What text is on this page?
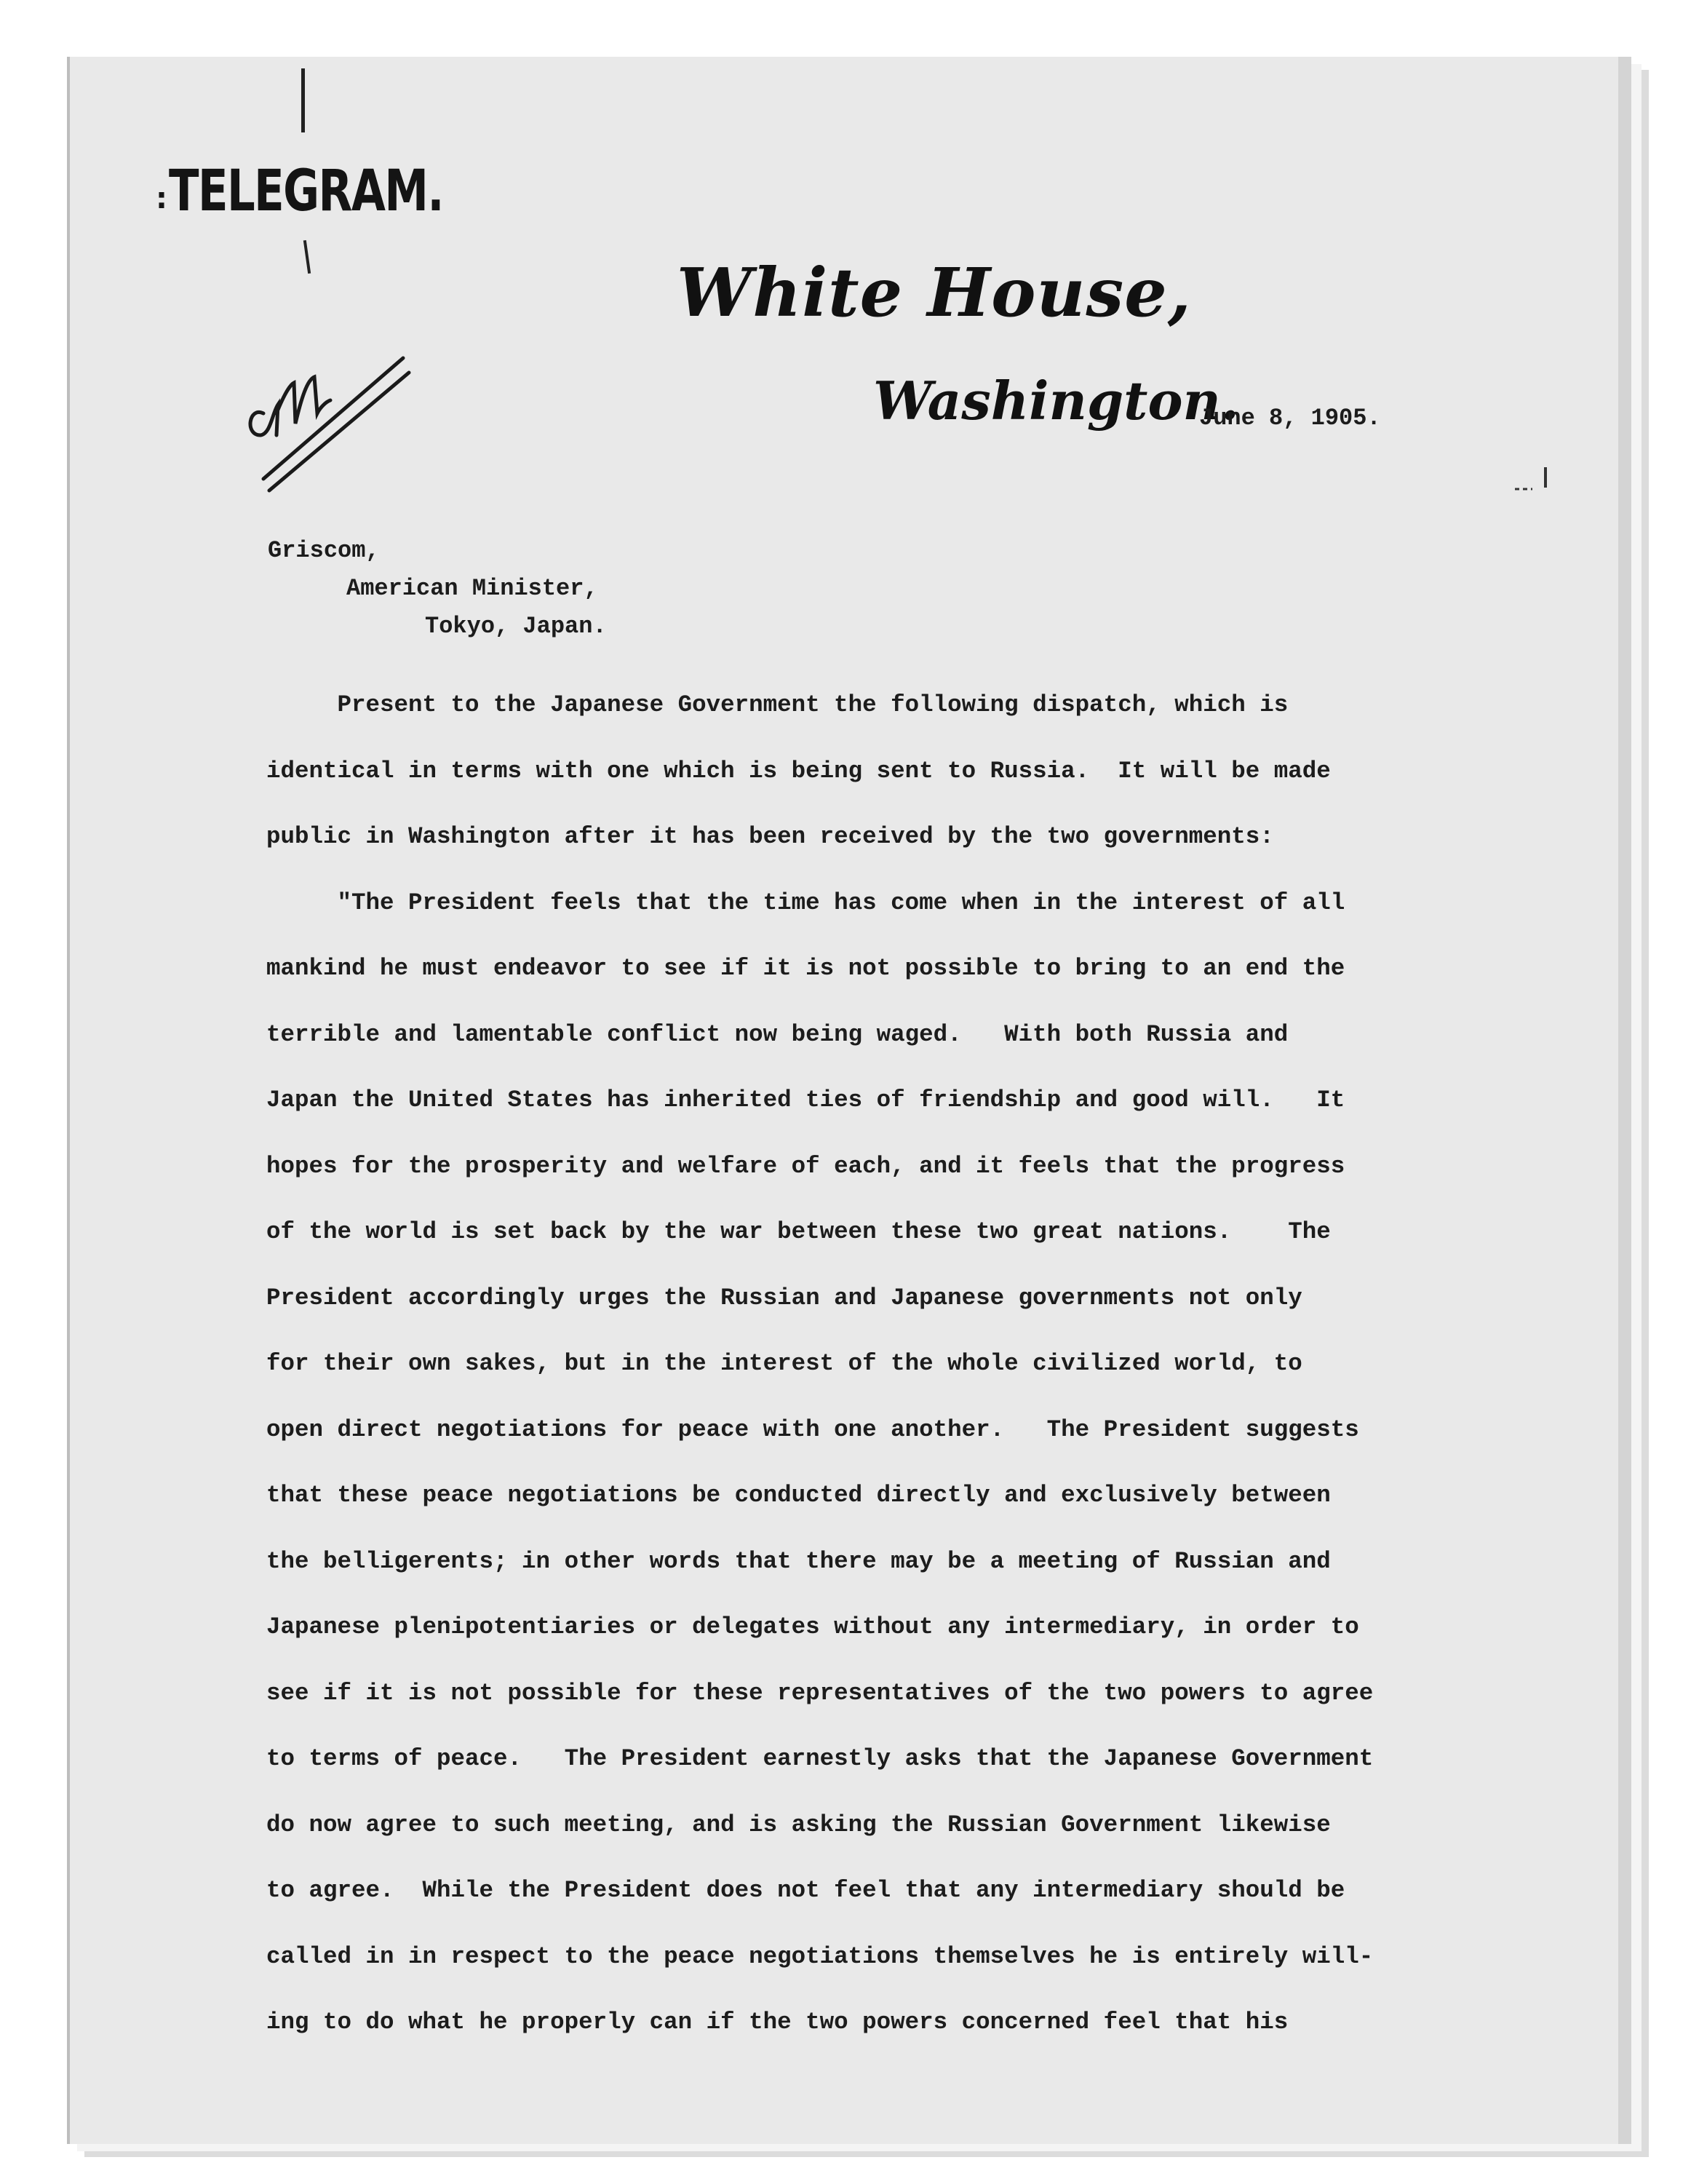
: TELEGRAM.
White House,
Washington.
June 8, 1905.
Griscom,
American Minister,
Tokyo, Japan.
Present to the Japanese Government the following dispatch, which is
identical in terms with one which is being sent to Russia.  It will be made
public in Washington after it has been received by the two governments:
"The President feels that the time has come when in the interest of all
mankind he must endeavor to see if it is not possible to bring to an end the
terrible and lamentable conflict now being waged.   With both Russia and
Japan the United States has inherited ties of friendship and good will.   It
hopes for the prosperity and welfare of each, and it feels that the progress
of the world is set back by the war between these two great nations.    The
President accordingly urges the Russian and Japanese governments not only
for their own sakes, but in the interest of the whole civilized world, to
open direct negotiations for peace with one another.   The President suggests
that these peace negotiations be conducted directly and exclusively between
the belligerents; in other words that there may be a meeting of Russian and
Japanese plenipotentiaries or delegates without any intermediary, in order to
see if it is not possible for these representatives of the two powers to agree
to terms of peace.   The President earnestly asks that the Japanese Government
do now agree to such meeting, and is asking the Russian Government likewise
to agree.  While the President does not feel that any intermediary should be
called in in respect to the peace negotiations themselves he is entirely will-
ing to do what he properly can if the two powers concerned feel that his
